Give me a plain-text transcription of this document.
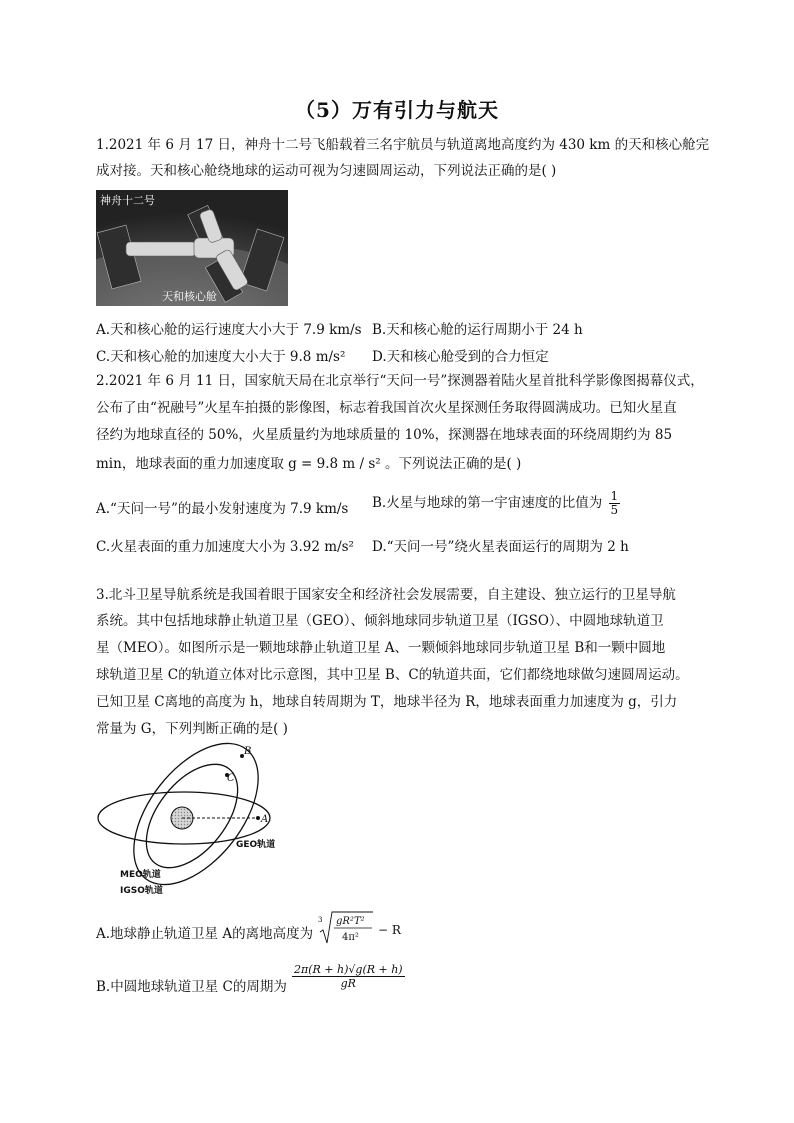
（5）万有引力与航天
1.2021 年 6 月 17 日，神舟十二号飞船载着三名宇航员与轨道离地高度约为 430 km 的天和核心舱完
成对接。天和核心舱绕地球的运动可视为匀速圆周运动，下列说法正确的是( )
神舟十二号
天和核心舱
A.天和核心舱的运行速度大小大于 7.9 km/s B.天和核心舱的运行周期小于 24 h
C.天和核心舱的加速度大小大于 9.8 m/s² D.天和核心舱受到的合力恒定
2.2021 年 6 月 11 日，国家航天局在北京举行“天问一号”探测器着陆火星首批科学影像图揭幕仪式，
公布了由“祝融号”火星车拍摄的影像图，标志着我国首次火星探测任务取得圆满成功。已知火星直
径约为地球直径的 50%，火星质量约为地球质量的 10%，探测器在地球表面的环绕周期约为 85
min，地球表面的重力加速度取 g = 9.8 m / s² 。下列说法正确的是( )
A.“天问一号”的最小发射速度为 7.9 km/s B.火星与地球的第一宇宙速度的比值为 $\frac{1}{5}$
C.火星表面的重力加速度大小为 3.92 m/s² D.“天问一号”绕火星表面运行的周期为 2 h
3.北斗卫星导航系统是我国着眼于国家安全和经济社会发展需要，自主建设、独立运行的卫星导航
系统。其中包括地球静止轨道卫星（GEO）、倾斜地球同步轨道卫星（IGSO）、中圆地球轨道卫
星（MEO）。如图所示是一颗地球静止轨道卫星 A、一颗倾斜地球同步轨道卫星 B和一颗中圆地
球轨道卫星 C的轨道立体对比示意图，其中卫星 B、C的轨道共面，它们都绕地球做匀速圆周运动。
已知卫星 C离地的高度为 h，地球自转周期为 T，地球半径为 R，地球表面重力加速度为 g，引力
常量为 G，下列判断正确的是( )
A
B
C
GEO轨道
MEO轨道
IGSO轨道
A.地球静止轨道卫星 A的离地高度为
3 gR²T²
4π²
− R
B.中圆地球轨道卫星 C的周期为 $\frac{2\pi(R + h)√g(R + h)}{gR}$
